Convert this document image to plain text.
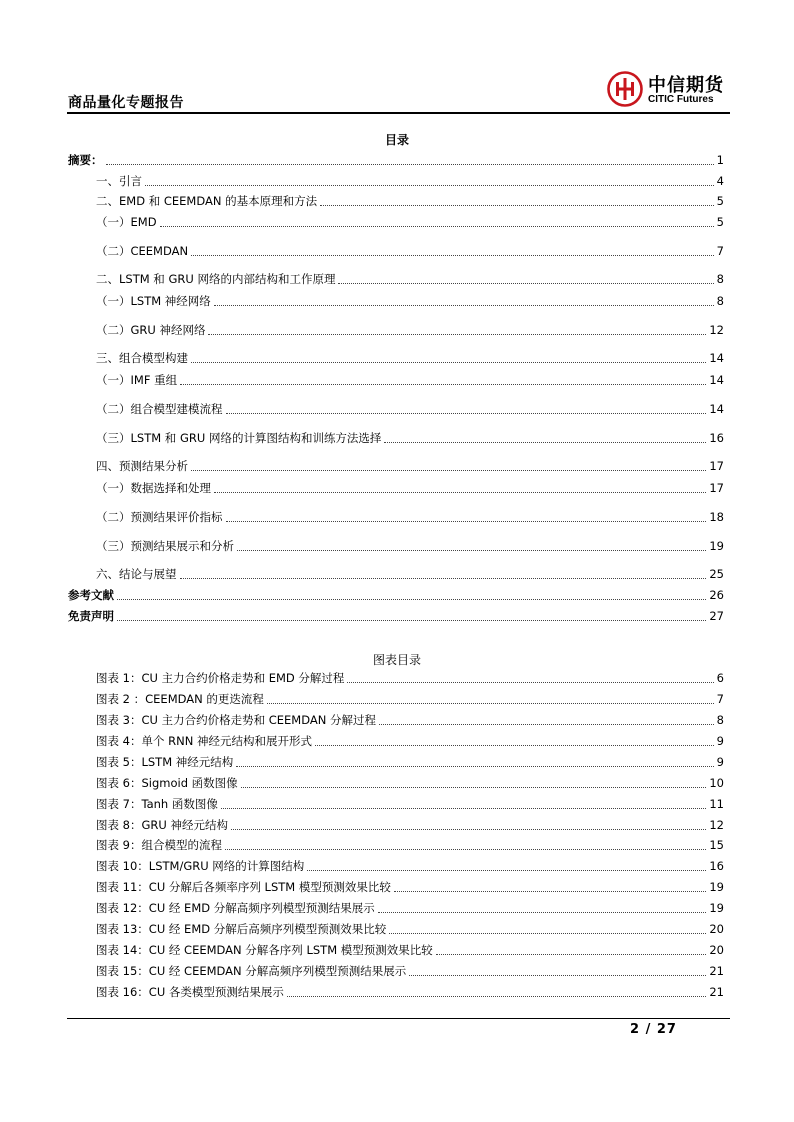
商品量化专题报告
中信期货
CITIC Futures
目录
摘要：	1
一、引言	4
二、EMD 和 CEEMDAN 的基本原理和方法	5
（一）EMD	5
（二）CEEMDAN	7
二、LSTM 和 GRU 网络的内部结构和工作原理	8
（一）LSTM 神经网络	8
（二）GRU 神经网络	12
三、组合模型构建	14
（一）IMF 重组	14
（二）组合模型建模流程	14
（三）LSTM 和 GRU 网络的计算图结构和训练方法选择	16
四、预测结果分析	17
（一）数据选择和处理	17
（二）预测结果评价指标	18
（三）预测结果展示和分析	19
六、结论与展望	25
参考文献	26
免责声明	27
图表目录
图表 1：CU 主力合约价格走势和 EMD 分解过程	6
图表 2 ：CEEMDAN 的更迭流程	7
图表 3：CU 主力合约价格走势和 CEEMDAN 分解过程	8
图表 4：单个 RNN 神经元结构和展开形式	9
图表 5：LSTM 神经元结构	9
图表 6：Sigmoid 函数图像	10
图表 7：Tanh 函数图像	11
图表 8：GRU 神经元结构	12
图表 9：组合模型的流程	15
图表 10：LSTM/GRU 网络的计算图结构	16
图表 11：CU 分解后各频率序列 LSTM 模型预测效果比较	19
图表 12：CU 经 EMD 分解高频序列模型预测结果展示	19
图表 13：CU 经 EMD 分解后高频序列模型预测效果比较	20
图表 14：CU 经 CEEMDAN 分解各序列 LSTM 模型预测效果比较	20
图表 15：CU 经 CEEMDAN 分解高频序列模型预测结果展示	21
图表 16：CU 各类模型预测结果展示	21
2 / 27
